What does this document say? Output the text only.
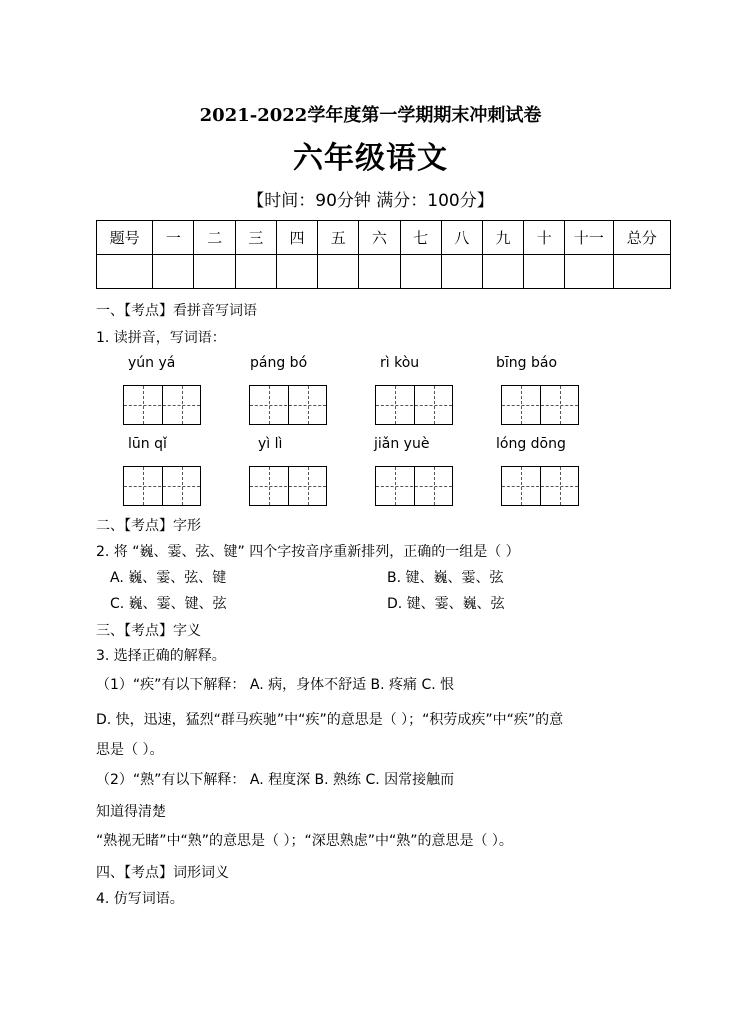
2021-2022学年度第一学期期末冲刺试卷
六年级语文
【时间：90分钟 满分：100分】
题号	一	二	三	四	五	六	七	八	九	十	十一	总分

一、【考点】看拼音写词语
1. 读拼音，写词语：
yún yá	páng bó	rì kòu	bīng báo
lūn qǐ	yì lì	jiǎn yuè	lóng dōng
二、【考点】字形
2. 将 “巍、霎、弦、键” 四个字按音序重新排列，正确的一组是（ ）
A. 巍、霎、弦、键	B. 键、巍、霎、弦
C. 巍、霎、键、弦	D. 键、霎、巍、弦
三、【考点】字义
3. 选择正确的解释。
（1）“疾”有以下解释： A. 病，身体不舒适 B. 疼痛 C. 恨
D. 快，迅速，猛烈“群马疾驰”中“疾”的意思是（ ）；“积劳成疾”中“疾”的意
思是（ ）。
（2）“熟”有以下解释： A. 程度深 B. 熟练 C. 因常接触而
知道得清楚
“熟视无睹”中“熟”的意思是（ ）；“深思熟虑”中“熟”的意思是（ ）。
四、【考点】词形词义
4. 仿写词语。
